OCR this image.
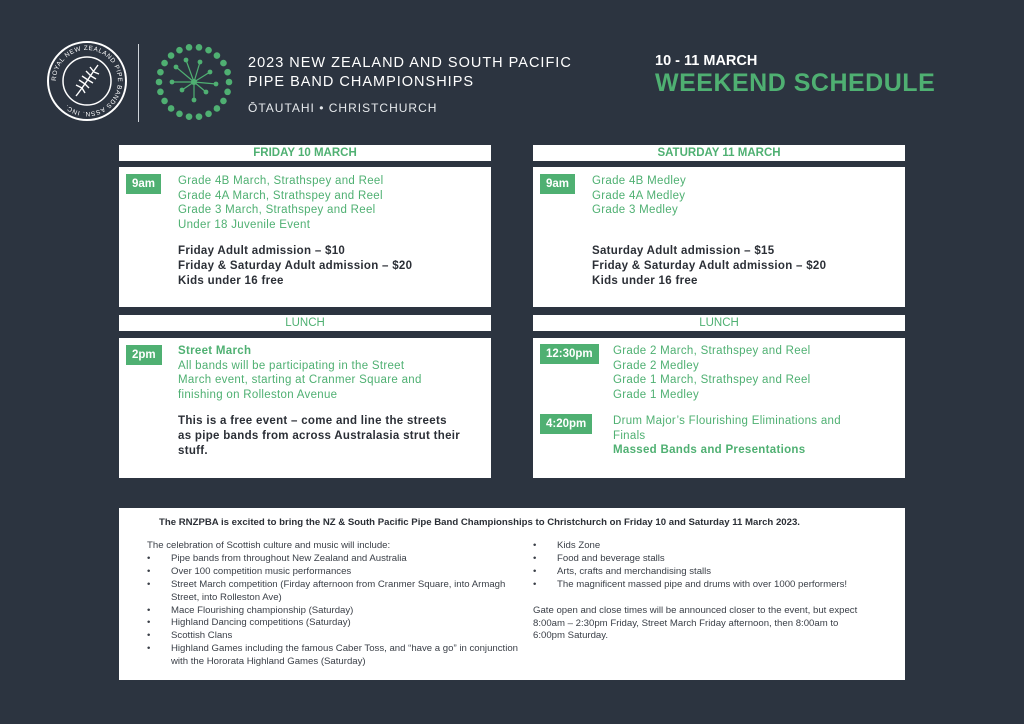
ROYAL NEW ZEALAND PIPE BANDS ASSN. INC.
2023 NEW ZEALAND AND SOUTH PACIFIC
PIPE BAND CHAMPIONSHIPS
ŌTAUTAHI • CHRISTCHURCH
10 - 11 MARCH
WEEKEND SCHEDULE
FRIDAY 10 MARCH
9am	Grade 4B March, Strathspey and Reel
Grade 4A March, Strathspey and Reel
Grade 3 March, Strathspey and Reel
Under 18 Juvenile Event
Friday Adult admission – $10
Friday & Saturday Adult admission – $20
Kids under 16 free
LUNCH
2pm	Street March
All bands will be participating in the Street
March event, starting at Cranmer Square and
finishing on Rolleston Avenue
This is a free event – come and line the streets
as pipe bands from across Australasia strut their
stuff.
SATURDAY 11 MARCH
9am	Grade 4B Medley
Grade 4A Medley
Grade 3 Medley
Saturday Adult admission – $15
Friday & Saturday Adult admission – $20
Kids under 16 free
LUNCH
12:30pm	Grade 2 March, Strathspey and Reel
Grade 2 Medley
Grade 1 March, Strathspey and Reel
Grade 1 Medley
4:20pm	Drum Major’s Flourishing Eliminations and
Finals
Massed Bands and Presentations
The RNZPBA is excited to bring the NZ & South Pacific Pipe Band Championships to Christchurch on Friday 10 and Saturday 11 March 2023.
The celebration of Scottish culture and music will include:
• Pipe bands from throughout New Zealand and Australia
• Over 100 competition music performances
• Street March competition (Firday afternoon from Cranmer Square, into Armagh Street, into Rolleston Ave)
• Mace Flourishing championship (Saturday)
• Highland Dancing competitions (Saturday)
• Scottish Clans
• Highland Games including the famous Caber Toss, and “have a go” in conjunction with the Hororata Highland Games (Saturday)
• Kids Zone
• Food and beverage stalls
• Arts, crafts and merchandising stalls
• The magnificent massed pipe and drums with over 1000 performers!
Gate open and close times will be announced closer to the event, but expect 8:00am – 2:30pm Friday, Street March Friday afternoon, then 8:00am to 6:00pm Saturday.
